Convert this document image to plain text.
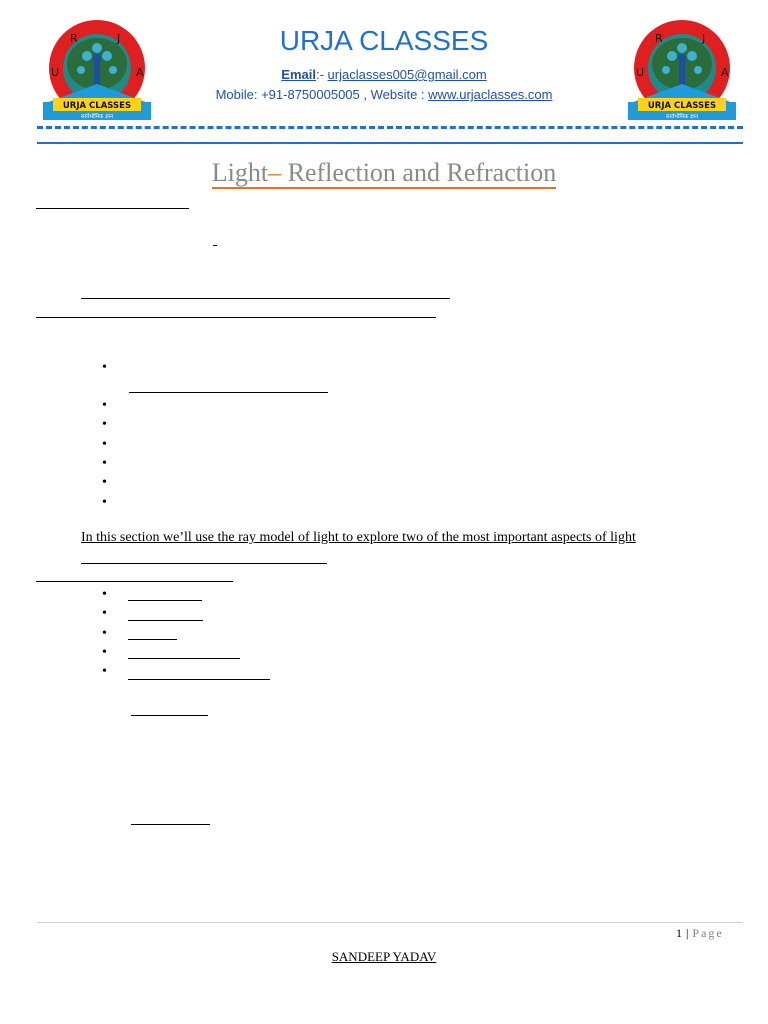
U
R	J
A
URJA CLASSES
सार्वभौमिक ज्ञान
U
R	J
A
URJA CLASSES
सार्वभौमिक ज्ञान
URJA CLASSES
Email:- urjaclasses005@gmail.com
Mobile: +91-8750005005 , Website : www.urjaclasses.com
Light– Reflection and Refraction
•
•
•
•
•
•
•
In this section we’ll use the ray model of light to explore two of the most important aspects of light
•
•
•
•
•
1 | Page
SANDEEP YADAV
